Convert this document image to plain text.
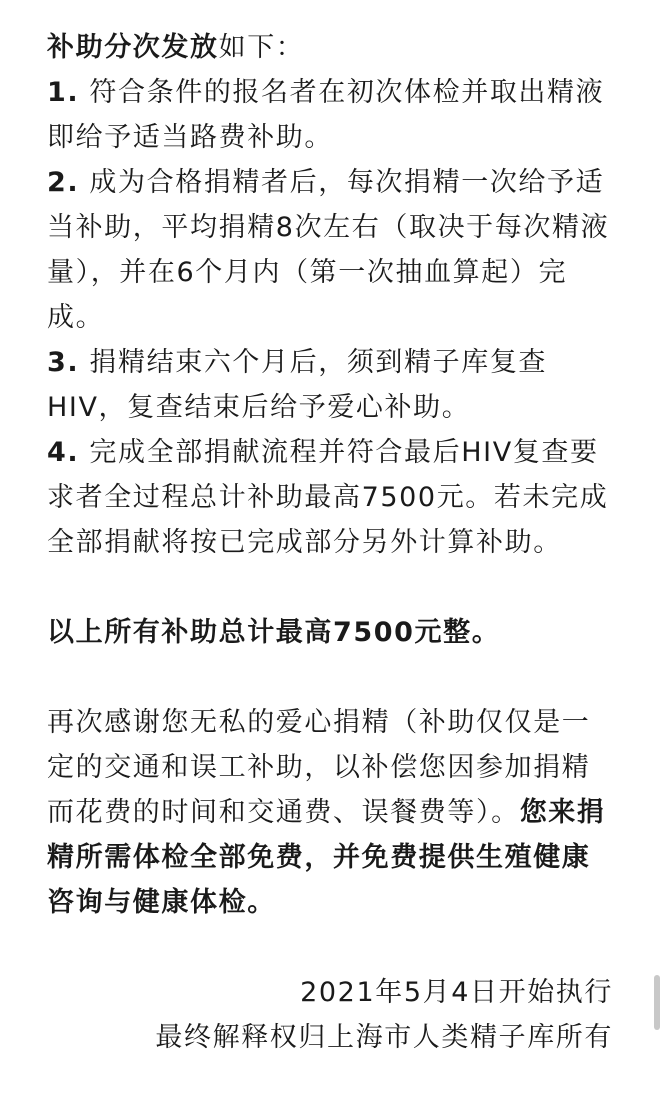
补助分次发放如下：

1. 符合条件的报名者在初次体检并取出精液即给予适当路费补助。

2. 成为合格捐精者后，每次捐精一次给予适当补助，平均捐精8次左右（取决于每次精液量），并在6个月内（第一次抽血算起）完成。

3. 捐精结束六个月后，须到精子库复查HIV，复查结束后给予爱心补助。

4. 完成全部捐献流程并符合最后HIV复查要求者全过程总计补助最高7500元。若未完成全部捐献将按已完成部分另外计算补助。

以上所有补助总计最高7500元整。

再次感谢您无私的爱心捐精（补助仅仅是一定的交通和误工补助，以补偿您因参加捐精而花费的时间和交通费、误餐费等）。您来捐精所需体检全部免费，并免费提供生殖健康咨询与健康体检。

2021年5月4日开始执行

最终解释权归上海市人类精子库所有
